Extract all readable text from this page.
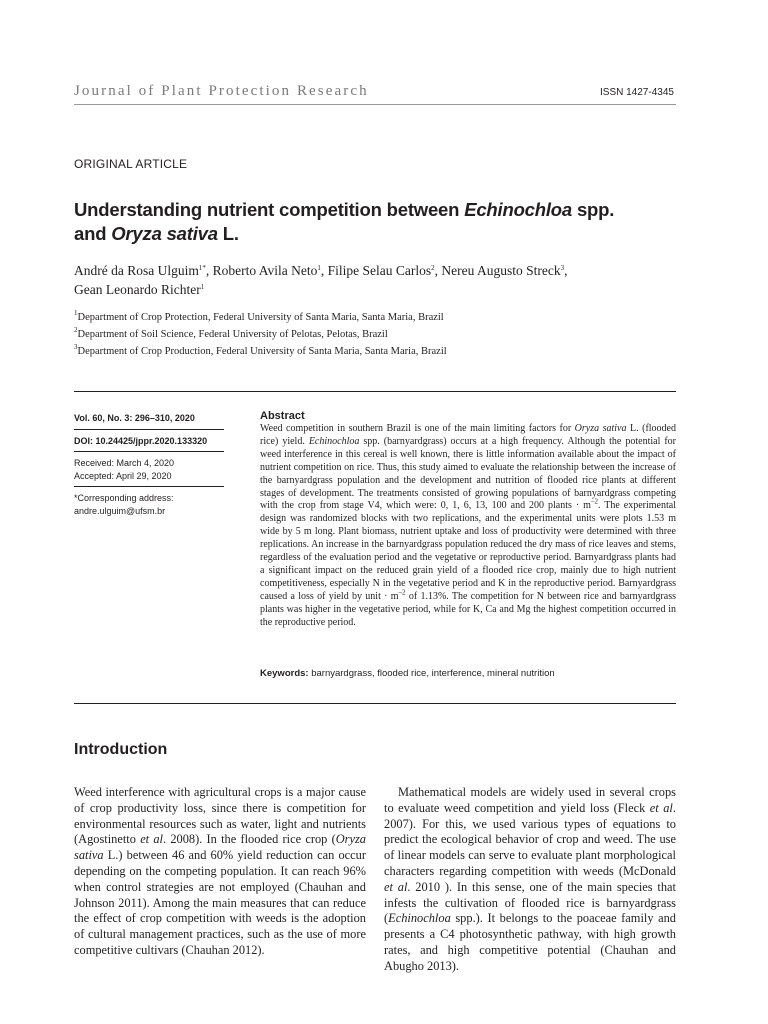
Journal of Plant Protection Research	ISSN 1427-4345
ORIGINAL ARTICLE
Understanding nutrient competition between Echinochloa spp.
and Oryza sativa L.
André da Rosa Ulguim$^{1*}$, Roberto Avila Neto$^1$, Filipe Selau Carlos$^2$, Nereu Augusto Streck$^3$,
Gean Leonardo Richter$^1$
$^1$Department of Crop Protection, Federal University of Santa Maria, Santa Maria, Brazil
$^2$Department of Soil Science, Federal University of Pelotas, Pelotas, Brazil
$^3$Department of Crop Production, Federal University of Santa Maria, Santa Maria, Brazil
Vol. 60, No. 3: 296–310, 2020
DOI: 10.24425/jppr.2020.133320
Received: March 4, 2020
Accepted: April 29, 2020
*Corresponding address:
andre.ulguim@ufsm.br
Abstract
Weed competition in southern Brazil is one of the main limiting factors for Oryza sativa L. (flooded rice) yield. Echinochloa spp. (barnyardgrass) occurs at a high frequency. Although the potential for weed interference in this cereal is well known, there is little information available about the impact of nutrient competition on rice. Thus, this study aimed to evaluate the relationship between the increase of the barnyardgrass population and the development and nutrition of flooded rice plants at different stages of development. The treatments consisted of growing populations of barnyardgrass competing with the crop from stage V4, which were: 0, 1, 6, 13, 100 and 200 plants · $m^{-2}$. The experimental design was randomized blocks with two replications, and the experimental units were plots 1.53 m wide by 5 m long. Plant biomass, nutrient uptake and loss of productivity were determined with three replications. An increase in the barnyardgrass population reduced the dry mass of rice leaves and stems, regardless of the evaluation period and the vegetative or reproductive period. Barnyardgrass plants had a significant impact on the reduced grain yield of a flooded rice crop, mainly due to high nutrient competitiveness, especially N in the vegetative period and K in the reproductive period. Barnyardgrass caused a loss of yield by unit · $m^{-2}$ of 1.13%. The competition for N between rice and barnyardgrass plants was higher in the vegetative period, while for K, Ca and Mg the highest competition occurred in the reproductive period.
Keywords: barnyardgrass, flooded rice, interference, mineral nutrition
Introduction
Weed interference with agricultural crops is a major cause of crop productivity loss, since there is competition for environmental resources such as water, light and nutrients (Agostinetto et al. 2008). In the flooded rice crop (Oryza sativa L.) between 46 and 60% yield reduction can occur depending on the competing population. It can reach 96% when control strategies are not employed (Chauhan and Johnson 2011). Among the main measures that can reduce the effect of crop competition with weeds is the adoption of cultural management practices, such as the use of more competitive cultivars (Chauhan 2012).
Mathematical models are widely used in several crops to evaluate weed competition and yield loss (Fleck et al. 2007). For this, we used various types of equations to predict the ecological behavior of crop and weed. The use of linear models can serve to evaluate plant morphological characters regarding competition with weeds (McDonald et al. 2010 ). In this sense, one of the main species that infests the cultivation of flooded rice is barnyardgrass (Echinochloa spp.). It belongs to the poaceae family and presents a C4 photosynthetic pathway, with high growth rates, and high competitive potential (Chauhan and Abugho 2013).
